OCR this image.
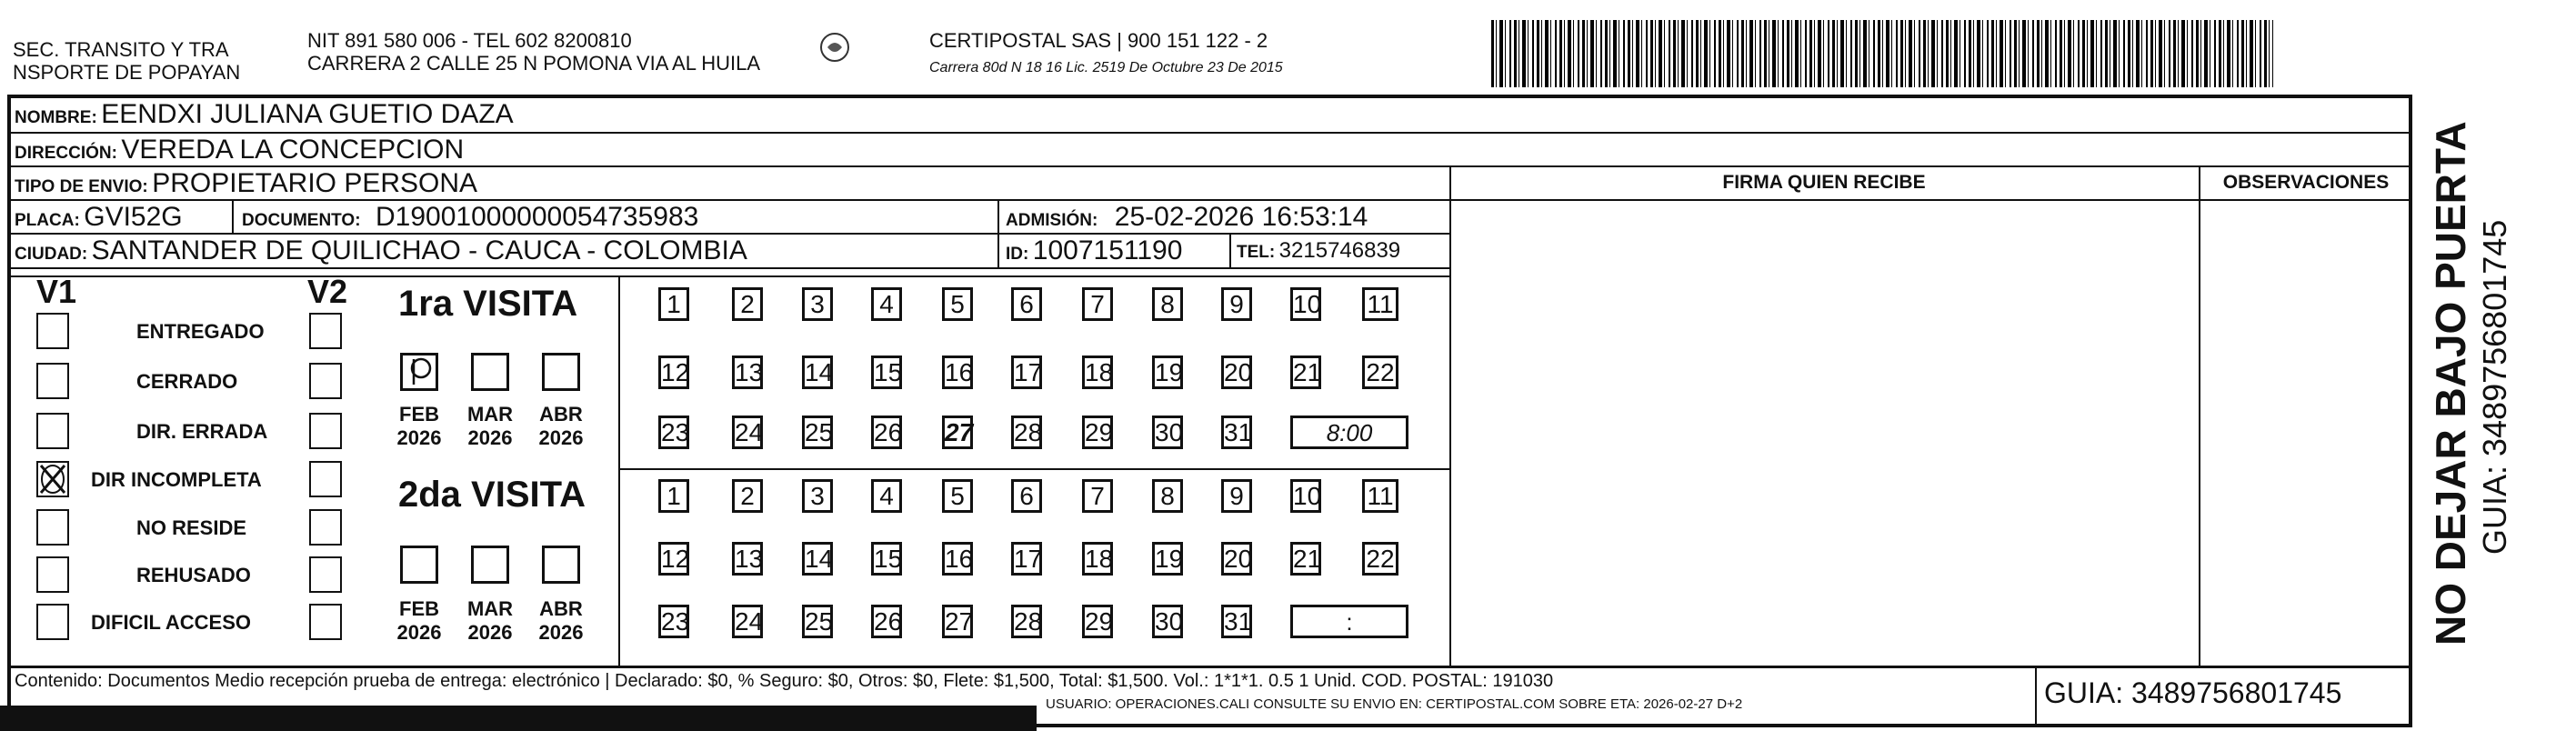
SEC. TRANSITO Y TRA
NSPORTE DE POPAYAN
NIT 891 580 006 - TEL 602 8200810
CARRERA 2 CALLE 25 N POMONA VIA AL HUILA
CERTIPOSTAL SAS | 900 151 122 - 2
Carrera 80d N 18 16 Lic. 2519 De Octubre 23 De 2015
NOMBRE: EENDXI JULIANA GUETIO DAZA
DIRECCIÓN: VEREDA LA CONCEPCION
TIPO DE ENVIO: PROPIETARIO PERSONA	FIRMA QUIEN RECIBE	OBSERVACIONES
PLACA: GVI52G	DOCUMENTO: D19001000000054735983	ADMISIÓN: 25-02-2026 16:53:14
CIUDAD: SANTANDER DE QUILICHAO - CAUCA - COLOMBIA	ID: 1007151190	TEL: 3215746839
V1	V2
ENTREGADO
CERRADO
DIR. ERRADA
DIR INCOMPLETA
NO RESIDE
REHUSADO
DIFICIL ACCESO
1ra VISITA
2da VISITA
FEB
2026
MAR
2026
ABR
2026
1	2	3	4	5	6	7	8	9	10 11
12 13 14 15 16 17 18 19 20 21 22
23 24 25 26 27 28 29 30 31	8:00
FEB
2026
MAR
2026
ABR
2026
1	2	3	4	5	6	7	8	9	10 11
12 13 14 15 16 17 18 19 20 21 22
23 24 25 26 27 28 29 30 31	:	NO DEJAR BAJO PUERTA GUIA: 3489756801745
Contenido: Documentos Medio recepción prueba de entrega: electrónico | Declarado: $0, % Seguro: $0, Otros: $0, Flete: $1,500, Total: $1,500. Vol.: 1*1*1. 0.5 1 Unid. COD. POSTAL: 191030
USUARIO: OPERACIONES.CALI CONSULTE SU ENVIO EN: CERTIPOSTAL.COM SOBRE ETA: 2026-02-27 D+2	GUIA: 3489756801745
